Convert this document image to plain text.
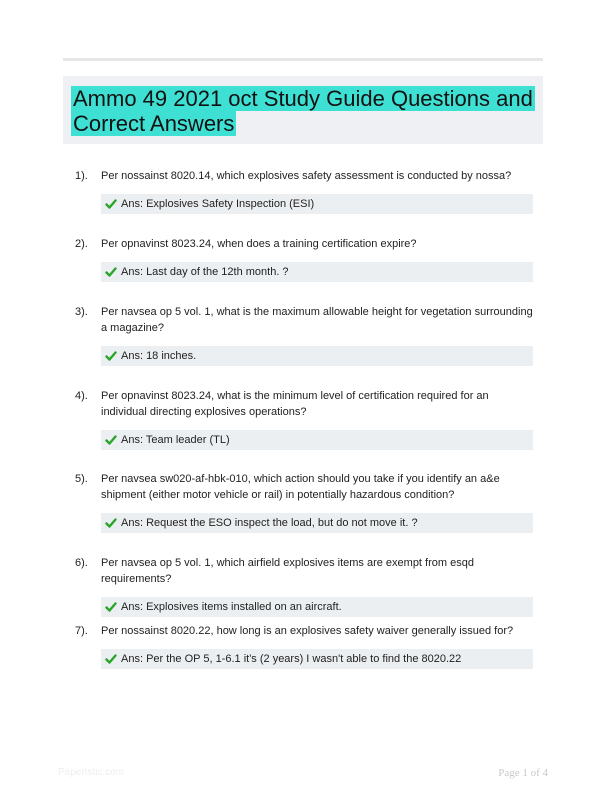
Ammo 49 2021 oct Study Guide Questions and Correct Answers
1). Per nossainst 8020.14, which explosives safety assessment is conducted by nossa?
Ans: Explosives Safety Inspection (ESI)
2). Per opnavinst 8023.24, when does a training certification expire?
Ans: Last day of the 12th month. ?
3). Per navsea op 5 vol. 1, what is the maximum allowable height for vegetation surrounding a magazine?
Ans: 18 inches.
4). Per opnavinst 8023.24, what is the minimum level of certification required for an individual directing explosives operations?
Ans: Team leader (TL)
5). Per navsea sw020-af-hbk-010, which action should you take if you identify an a&e shipment (either motor vehicle or rail) in potentially hazardous condition?
Ans: Request the ESO inspect the load, but do not move it. ?
6). Per navsea op 5 vol. 1, which airfield explosives items are exempt from esqd requirements?
Ans: Explosives items installed on an aircraft.
7). Per nossainst 8020.22, how long is an explosives safety waiver generally issued for?
Ans: Per the OP 5, 1-6.1 it's (2 years) I wasn't able to find the 8020.22
Papertstic.com	Page 1 of 4
